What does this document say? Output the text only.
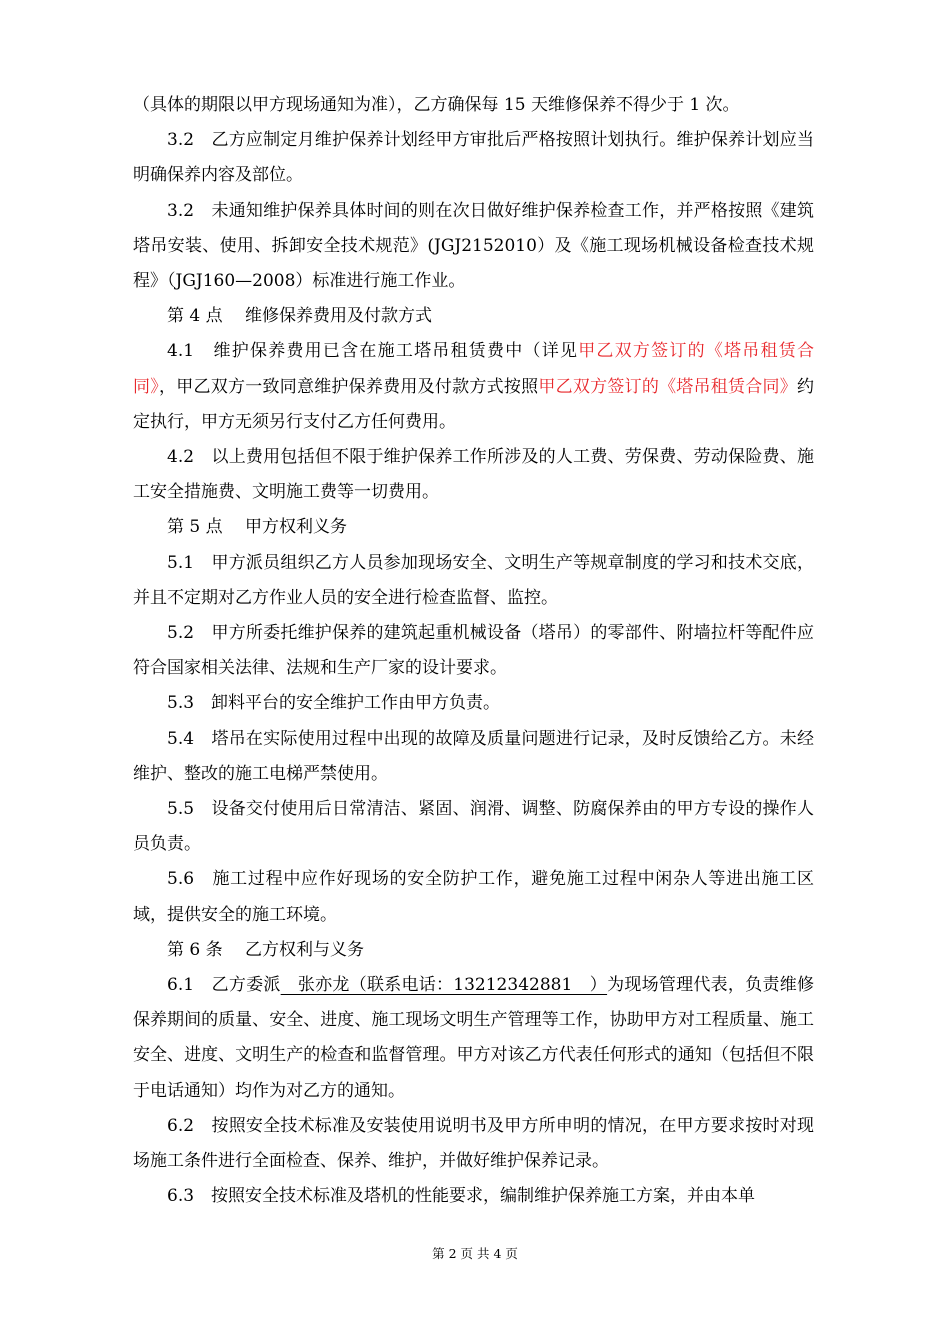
（具体的期限以甲方现场通知为准），乙方确保每 15 天维修保养不得少于 1 次。

3.2　乙方应制定月维护保养计划经甲方审批后严格按照计划执行。维护保养计划应当明确保养内容及部位。

3.2　未通知维护保养具体时间的则在次日做好维护保养检查工作，并严格按照《建筑塔吊安装、使用、拆卸安全技术规范》(JGJ2152010）及《施工现场机械设备检查技术规程》（JGJ160—2008）标准进行施工作业。

第 4 点　 维修保养费用及付款方式

4.1　维护保养费用已含在施工塔吊租赁费中（详见甲乙双方签订的《塔吊租赁合同》，甲乙双方一致同意维护保养费用及付款方式按照甲乙双方签订的《塔吊租赁合同》约定执行，甲方无须另行支付乙方任何费用。

4.2　以上费用包括但不限于维护保养工作所涉及的人工费、劳保费、劳动保险费、施工安全措施费、文明施工费等一切费用。

第 5 点　 甲方权利义务

5.1　甲方派员组织乙方人员参加现场安全、文明生产等规章制度的学习和技术交底，并且不定期对乙方作业人员的安全进行检查监督、监控。

5.2　甲方所委托维护保养的建筑起重机械设备（塔吊）的零部件、附墙拉杆等配件应符合国家相关法律、法规和生产厂家的设计要求。

5.3　卸料平台的安全维护工作由甲方负责。

5.4　塔吊在实际使用过程中出现的故障及质量问题进行记录，及时反馈给乙方。未经维护、整改的施工电梯严禁使用。

5.5　设备交付使用后日常清洁、紧固、润滑、调整、防腐保养由的甲方专设的操作人员负责。

5.6　施工过程中应作好现场的安全防护工作，避免施工过程中闲杂人等进出施工区域，提供安全的施工环境。

第 6 条　 乙方权利与义务

6.1　乙方委派　张亦龙（联系电话：13212342881　）为现场管理代表，负责维修保养期间的质量、安全、进度、施工现场文明生产管理等工作，协助甲方对工程质量、施工安全、进度、文明生产的检查和监督管理。甲方对该乙方代表任何形式的通知（包括但不限于电话通知）均作为对乙方的通知。

6.2　按照安全技术标准及安装使用说明书及甲方所申明的情况，在甲方要求按时对现场施工条件进行全面检查、保养、维护，并做好维护保养记录。

6.3　按照安全技术标准及塔机的性能要求，编制维护保养施工方案，并由本单

第 2 页 共 4 页
